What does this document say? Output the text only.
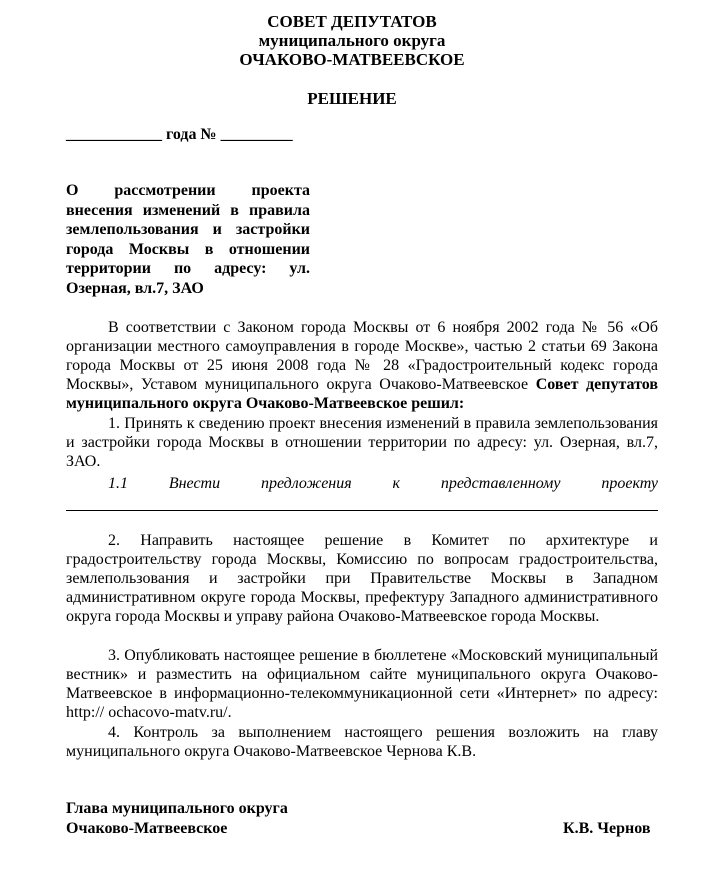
СОВЕТ ДЕПУТАТОВ
муниципального округа
ОЧАКОВО-МАТВЕЕВСКОЕ
РЕШЕНИЕ
____________ года № _________
О рассмотрении проекта внесения изменений в правила землепользования и застройки города Москвы в отношении территории по адресу: ул. Озерная, вл.7, ЗАО
В соответствии с Законом города Москвы от 6 ноября 2002 года № 56 «Об организации местного самоуправления в городе Москве», частью 2 статьи 69 Закона города Москвы от 25 июня 2008 года № 28 «Градостроительный кодекс города Москвы», Уставом муниципального округа Очаково-Матвеевское Совет депутатов муниципального округа Очаково-Матвеевское решил:
1. Принять к сведению проект внесения изменений в правила землепользования и застройки города Москвы в отношении территории по адресу: ул. Озерная, вл.7, ЗАО.
1.1	Внести	предложения	к	представленному	проекту
2. Направить настоящее решение в Комитет по архитектуре и градостроительству города Москвы, Комиссию по вопросам градостроительства, землепользования и застройки при Правительстве Москвы в Западном административном округе города Москвы, префектуру Западного административного округа города Москвы и управу района Очаково-Матвеевское города Москвы.
3. Опубликовать настоящее решение в бюллетене «Московский муниципальный вестник» и разместить на официальном сайте муниципального округа Очаково-Матвеевское в информационно-телекоммуникационной сети «Интернет» по адресу: http:// ochacovo-matv.ru/.
4. Контроль за выполнением настоящего решения возложить на главу муниципального округа Очаково-Матвеевское Чернова К.В.
Глава муниципального округа
Очаково-Матвеевское	К.В. Чернов
